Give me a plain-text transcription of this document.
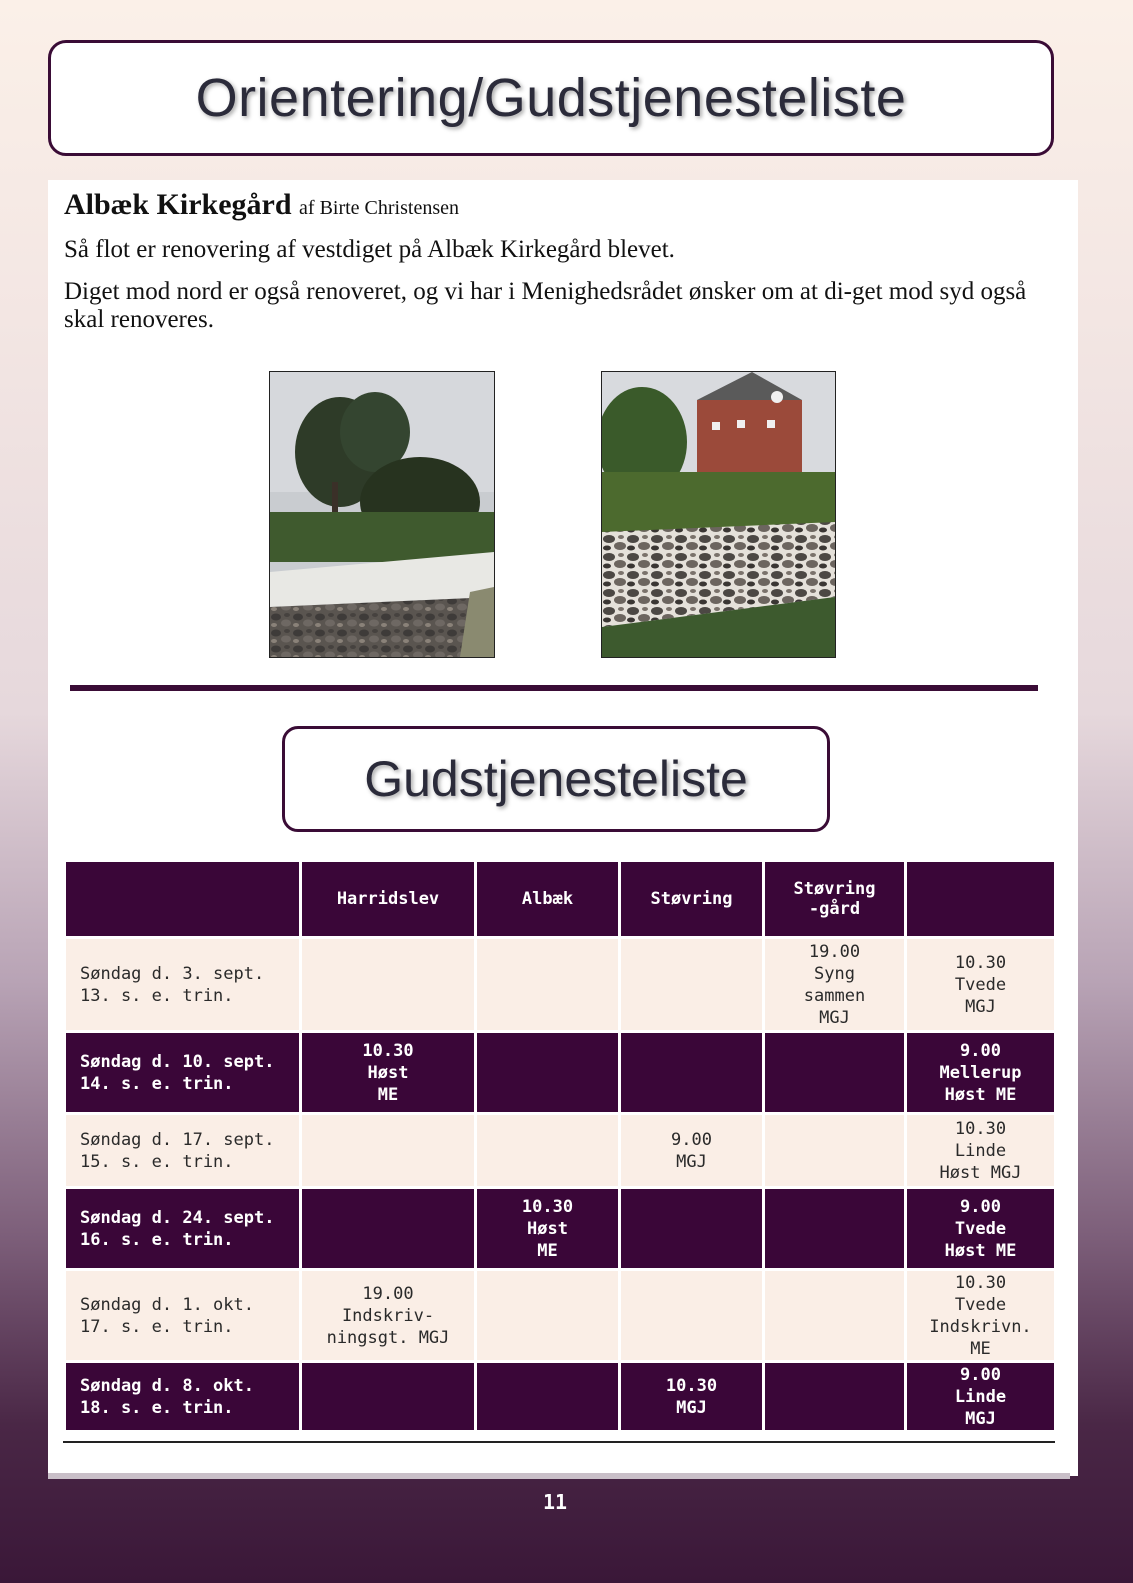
Orientering/Gudstjenesteliste

Albæk Kirkegård af Birte Christensen

Så flot er renovering af vestdiget på Albæk Kirkegård blevet.

Diget mod nord er også renoveret, og vi har i Menighedsrådet ønsker om at di-get mod syd også skal renoveres.

Gudstjenesteliste
	Harridslev	Albæk	Støvring	Støvring-gård	

Søndag d. 3. sept.
13. s. e. trin.				19.00
Syng
sammen
MGJ	10.30
Tvede
MGJ

Søndag d. 10. sept.
14. s. e. trin.	10.30
Høst
ME				9.00
Mellerup
Høst ME

Søndag d. 17. sept.
15. s. e. trin.			9.00
MGJ		10.30
Linde
Høst MGJ

Søndag d. 24. sept.
16. s. e. trin.		10.30
Høst
ME			9.00
Tvede
Høst ME

Søndag d. 1. okt.
17. s. e. trin.	19.00
Indskriv-
ningsgt. MGJ				10.30
Tvede
Indskrivn.
ME

Søndag d. 8. okt.
18. s. e. trin.			10.30
MGJ		9.00
Linde
MGJ
11
